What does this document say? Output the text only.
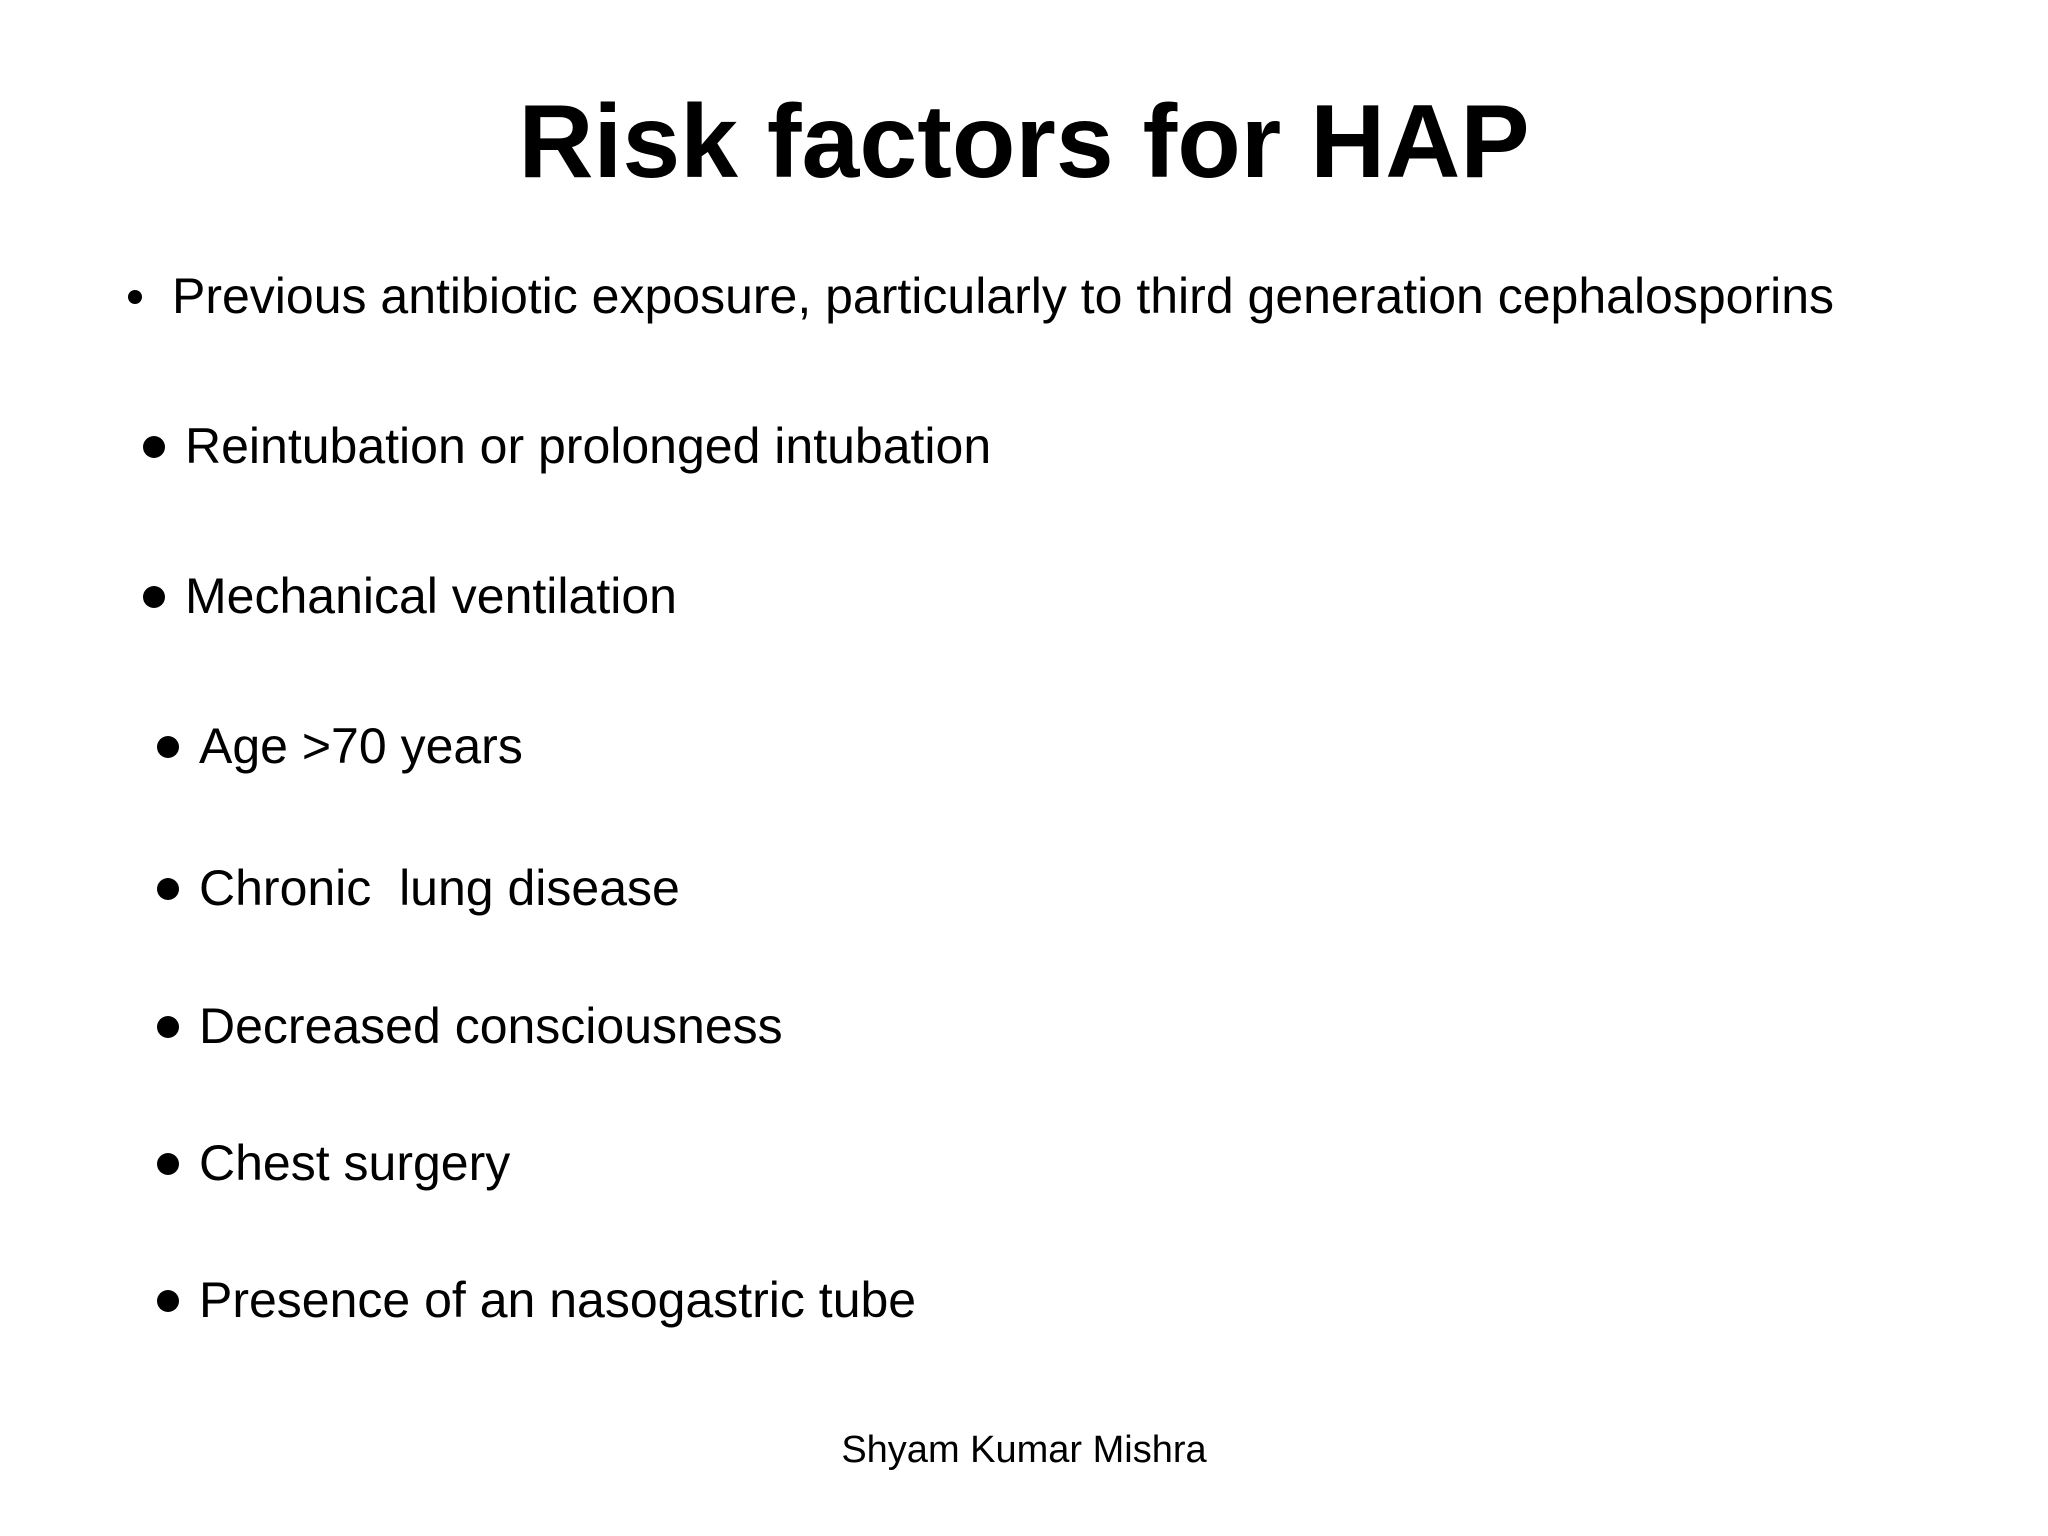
Risk factors for HAP
Previous antibiotic exposure, particularly to third generation cephalosporins
Reintubation or prolonged intubation
Mechanical ventilation
Age >70 years
Chronic  lung disease
Decreased consciousness
Chest surgery
Presence of an nasogastric tube
Shyam Kumar Mishra
